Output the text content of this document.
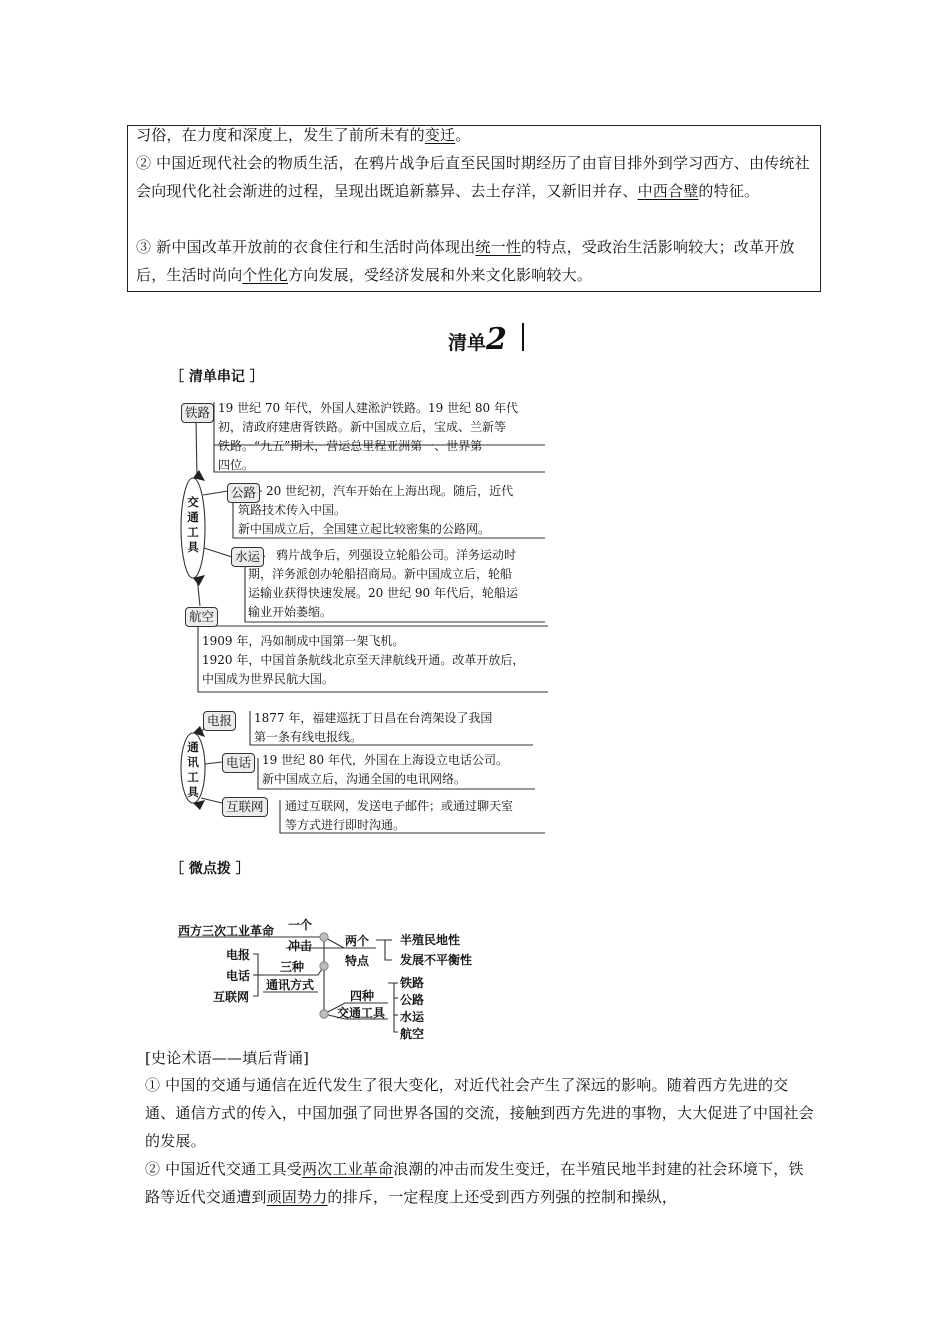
习俗，在力度和深度上，发生了前所未有的变迁。
② 中国近现代社会的物质生活，在鸦片战争后直至民国时期经历了由盲目排外到学习西方、由传统社会向现代化社会渐进的过程，呈现出既追新慕异、去土存洋，又新旧并存、中西合璧的特征。
③ 新中国改革开放前的衣食住行和生活时尚体现出统一性的特点，受政治生活影响较大；改革开放后，生活时尚向个性化方向发展，受经济发展和外来文化影响较大。
清单2
［ 清单串记 ］
交
通
工
具
铁路 19 世纪 70 年代，外国人建淞沪铁路。19 世纪 80 年代
初，清政府建唐胥铁路。新中国成立后，宝成、兰新等
铁路。“九五”期末，营运总里程亚洲第一、世界第
四位。
公路 20 世纪初，汽车开始在上海出现。随后，近代
筑路技术传入中国。
新中国成立后，全国建立起比较密集的公路网。
水运	鸦片战争后，列强设立轮船公司。洋务运动时
期，洋务派创办轮船招商局。新中国成立后，轮船
运输业获得快速发展。20 世纪 90 年代后，轮船运
输业开始萎缩。
航空
1909 年，冯如制成中国第一架飞机。
1920 年，中国首条航线北京至天津航线开通。改革开放后，
中国成为世界民航大国。
通
讯
工
具
电报	1877 年，福建巡抚丁日昌在台湾架设了我国
第一条有线电报线。
电话 19 世纪 80 年代，外国在上海设立电话公司。
新中国成立后，沟通全国的电讯网络。
互联网	通过互联网，发送电子邮件；或通过聊天室
等方式进行即时沟通。
［ 微点拨 ］
西方三次工业革命 一个
冲击	两个
特点
半殖民地性
发展不平衡性
电报
电话
互联网
三种
通讯方式
四种
交通工具
铁路
公路
水运
航空
[史论术语——填后背诵]
① 中国的交通与通信在近代发生了很大变化，对近代社会产生了深远的影响。随着西方先进的交通、通信方式的传入，中国加强了同世界各国的交流，接触到西方先进的事物，大大促进了中国社会的发展。
② 中国近代交通工具受两次工业革命浪潮的冲击而发生变迁，在半殖民地半封建的社会环境下，铁路等近代交通遭到顽固势力的排斥，一定程度上还受到西方列强的控制和操纵，
